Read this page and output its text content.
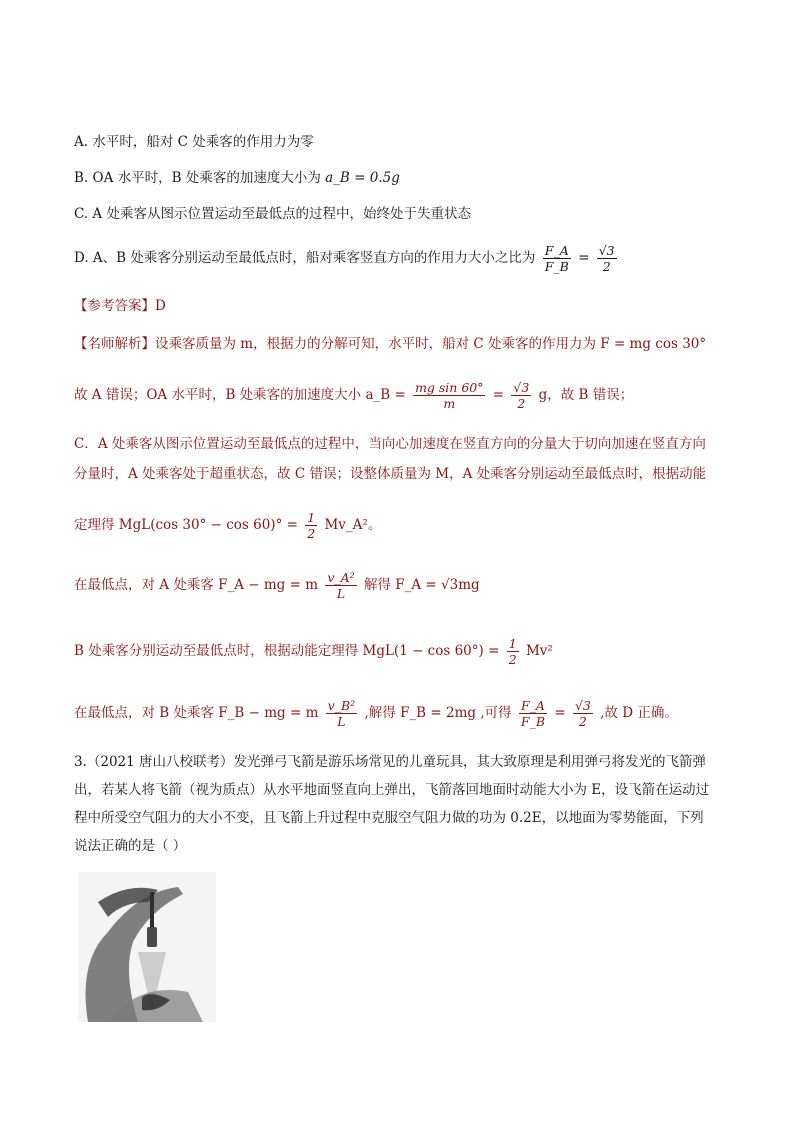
A. 水平时，船对 C 处乘客的作用力为零
B. OA 水平时，B 处乘客的加速度大小为 a_B = 0.5g
C. A 处乘客从图示位置运动至最低点的过程中，始终处于失重状态
D. A、B 处乘客分别运动至最低点时，船对乘客竖直方向的作用力大小之比为 $\frac{F\_A}{F\_B} = \frac{√3}{2}$
【参考答案】D
【名师解析】设乘客质量为 m，根据力的分解可知，水平时，船对 C 处乘客的作用力为 F = mg cos 30°
故 A 错误；OA 水平时，B 处乘客的加速度大小 a_B = $\frac{\text{mg sin 60°}}{m} = \frac{√3}{2}$ g，故 B 错误；
C．A 处乘客从图示位置运动至最低点的过程中，当向心加速度在竖直方向的分量大于切向加速在竖直方向
分量时，A 处乘客处于超重状态，故 C 错误；设整体质量为 M，A 处乘客分别运动至最低点时，根据动能
定理得 MgL(cos $30^\circ - \cos 60)^\circ = \frac{1}{2}$ Mv_A²。
在最低点，对 A 处乘客 F_A − mg = m $\frac{\text{v\_A²}}{L}$ 解得 F_A = √3mg
B 处乘客分别运动至最低点时，根据动能定理得 $MgL(1 - \cos 60^\circ) = \frac{1}{2} Mv^2$
在最低点，对 B 处乘客 F_B − mg = m $\frac{\text{v\_B²}}{L}$ ,解得 F_B = 2mg ,可得 $\frac{F\_A}{F\_B} = \frac{√3}{2}$ ,故 D 正确。
3.（2021 唐山八校联考）发光弹弓飞箭是游乐场常见的儿童玩具，其大致原理是利用弹弓将发光的飞箭弹
出，若某人将飞箭（视为质点）从水平地面竖直向上弹出，飞箭落回地面时动能大小为 E，设飞箭在运动过
程中所受空气阻力的大小不变，且飞箭上升过程中克服空气阻力做的功为 0.2E，以地面为零势能面，下列
说法正确的是（ ）
